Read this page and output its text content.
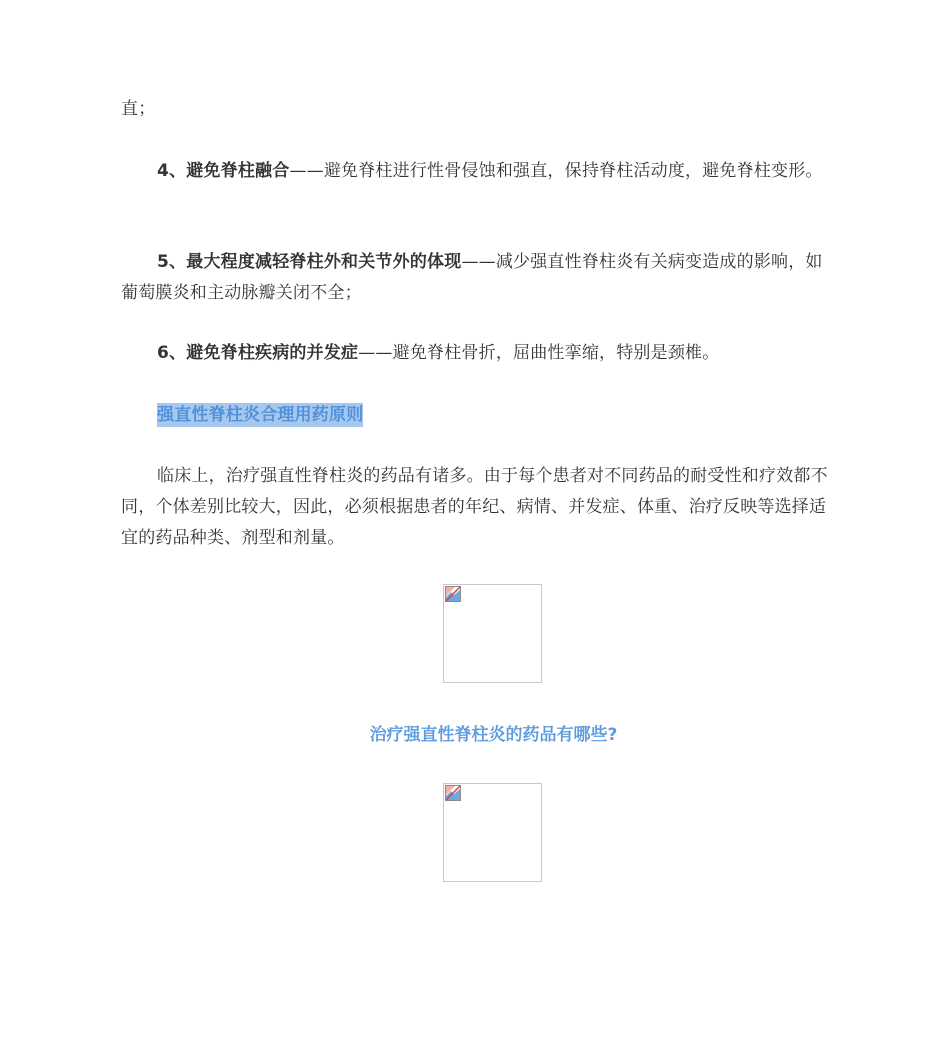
直；

4、避免脊柱融合——避免脊柱进行性骨侵蚀和强直，保持脊柱活动度，避免脊柱变形。

5、最大程度减轻脊柱外和关节外的体现——减少强直性脊柱炎有关病变造成的影响，如葡萄膜炎和主动脉瓣关闭不全；

6、避免脊柱疾病的并发症——避免脊柱骨折，屈曲性挛缩，特别是颈椎。

强直性脊柱炎合理用药原则

临床上，治疗强直性脊柱炎的药品有诸多。由于每个患者对不同药品的耐受性和疗效都不同，个体差别比较大，因此，必须根据患者的年纪、病情、并发症、体重、治疗反映等选择适宜的药品种类、剂型和剂量。

治疗强直性脊柱炎的药品有哪些?
